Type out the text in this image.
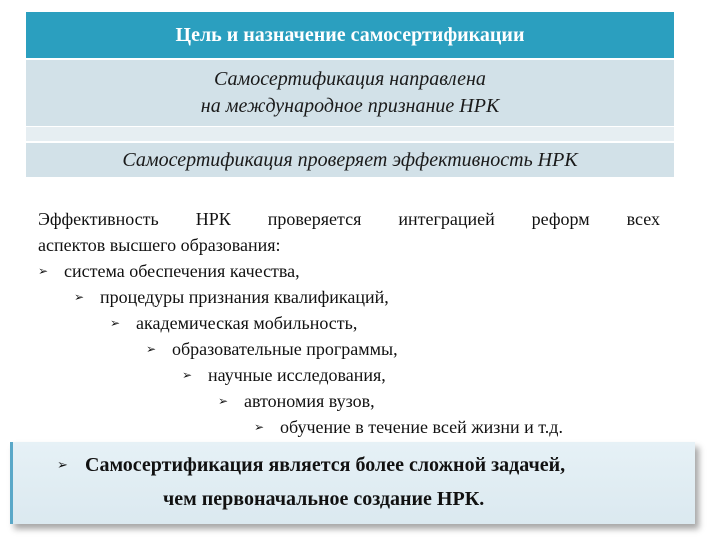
Цель и назначение самосертификации
Самосертификация направлена
на международное признание НРК
Самосертификация проверяет эффективность НРК
Эффективность НРК проверяется интеграцией реформ всех
аспектов высшего образования:
➢ система обеспечения качества,
➢ процедуры признания квалификаций,
➢ академическая мобильность,
➢ образовательные программы,
➢ научные исследования,
➢ автономия вузов,
➢ обучение в течение всей жизни и т.д.
➢ Самосертификация является более сложной задачей,
чем первоначальное создание НРК.
